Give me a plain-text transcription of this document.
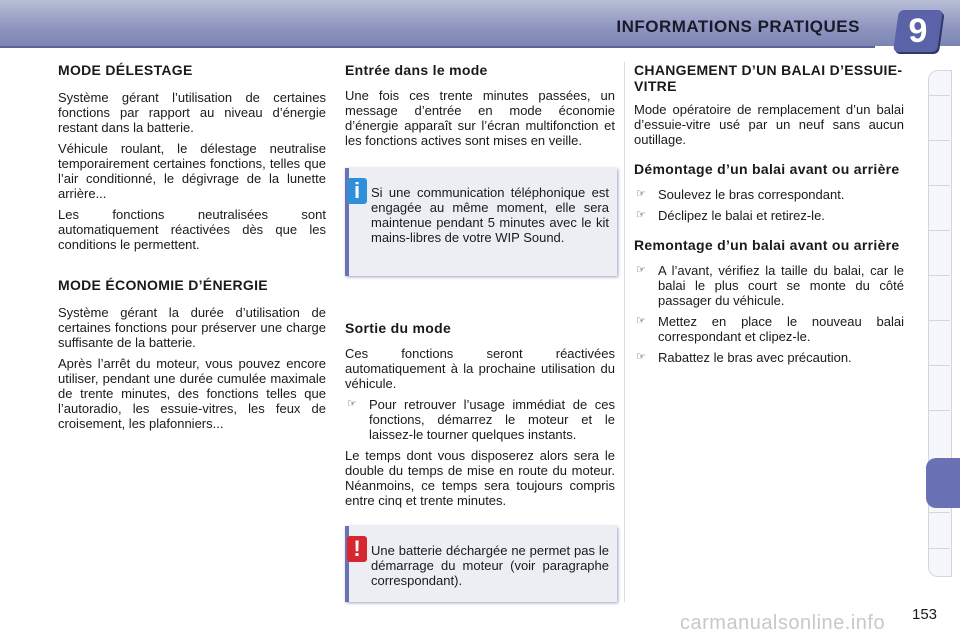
INFORMATIONS PRATIQUES	9
MODE DÉLESTAGE

Système gérant l’utilisation de certaines fonctions par rapport au niveau d’énergie restant dans la batterie.

Véhicule roulant, le délestage neutralise temporairement certaines fonctions, telles que l’air conditionné, le dégivrage de la lunette arrière...

Les fonctions neutralisées sont automatiquement réactivées dès que les conditions le permettent.

MODE ÉCONOMIE D’ÉNERGIE

Système gérant la durée d’utilisation de certaines fonctions pour préserver une charge suffisante de la batterie.

Après l’arrêt du moteur, vous pouvez encore utiliser, pendant une durée cumulée maximale de trente minutes, des fonctions telles que l’autoradio, les essuie-vitres, les feux de croisement, les plafonniers...

Entrée dans le mode

Une fois ces trente minutes passées, un message d’entrée en mode économie d’énergie apparaît sur l’écran multifonction et les fonctions actives sont mises en veille.

i Si une communication téléphonique est engagée au même moment, elle sera maintenue pendant 5 minutes avec le kit mains-libres de votre WIP Sound.

Sortie du mode

Ces fonctions seront réactivées automatiquement à la prochaine utilisation du véhicule.

☞ Pour retrouver l’usage immédiat de ces fonctions, démarrez le moteur et le laissez-le tourner quelques instants.

Le temps dont vous disposerez alors sera le double du temps de mise en route du moteur. Néanmoins, ce temps sera toujours compris entre cinq et trente minutes.

! Une batterie déchargée ne permet pas le démarrage du moteur (voir paragraphe correspondant).

CHANGEMENT D’UN BALAI D’ESSUIE-VITRE

Mode opératoire de remplacement d’un balai d’essuie-vitre usé par un neuf sans aucun outillage.

Démontage d’un balai avant ou arrière
☞ Soulevez le bras correspondant.
☞ Déclipez le balai et retirez-le.
Remontage d’un balai avant ou arrière
☞ A l’avant, vérifiez la taille du balai, car le balai le plus court se monte du côté passager du véhicule.
☞ Mettez en place le nouveau balai correspondant et clipez-le.
☞ Rabattez le bras avec précaution.
carmanualsonline.info 153
